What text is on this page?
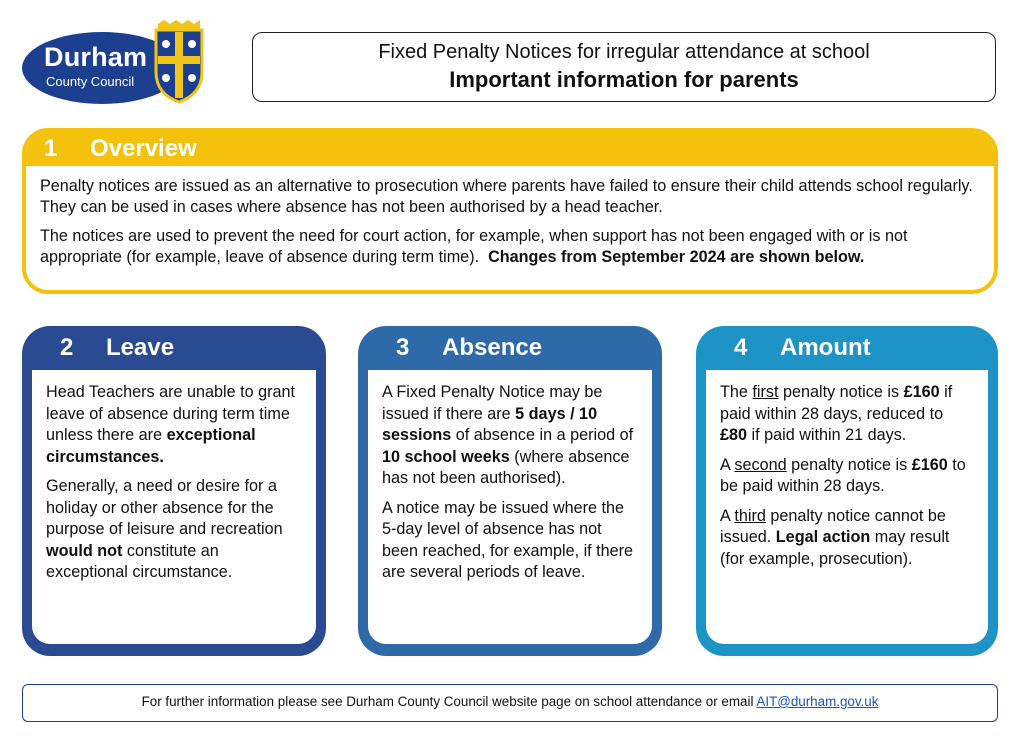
Durham
County Council
Fixed Penalty Notices for irregular attendance at school
Important information for parents
1 Overview

Penalty notices are issued as an alternative to prosecution where parents have failed to ensure their child attends school regularly. They can be used in cases where absence has not been authorised by a head teacher.

The notices are used to prevent the need for court action, for example, when support has not been engaged with or is not appropriate (for example, leave of absence during term time). Changes from September 2024 are shown below.

2 Leave

Head Teachers are unable to grant leave of absence during term time unless there are exceptional circumstances.

Generally, a need or desire for a holiday or other absence for the purpose of leisure and recreation would not constitute an exceptional circumstance.

3 Absence

A Fixed Penalty Notice may be issued if there are 5 days / 10 sessions of absence in a period of 10 school weeks (where absence has not been authorised).

A notice may be issued where the 5-day level of absence has not been reached, for example, if there are several periods of leave.

4 Amount

The first penalty notice is £160 if paid within 28 days, reduced to £80 if paid within 21 days.

A second penalty notice is £160 to be paid within 28 days.

A third penalty notice cannot be issued. Legal action may result (for example, prosecution).

For further information please see Durham County Council website page on school attendance or email AIT@durham.gov.uk
